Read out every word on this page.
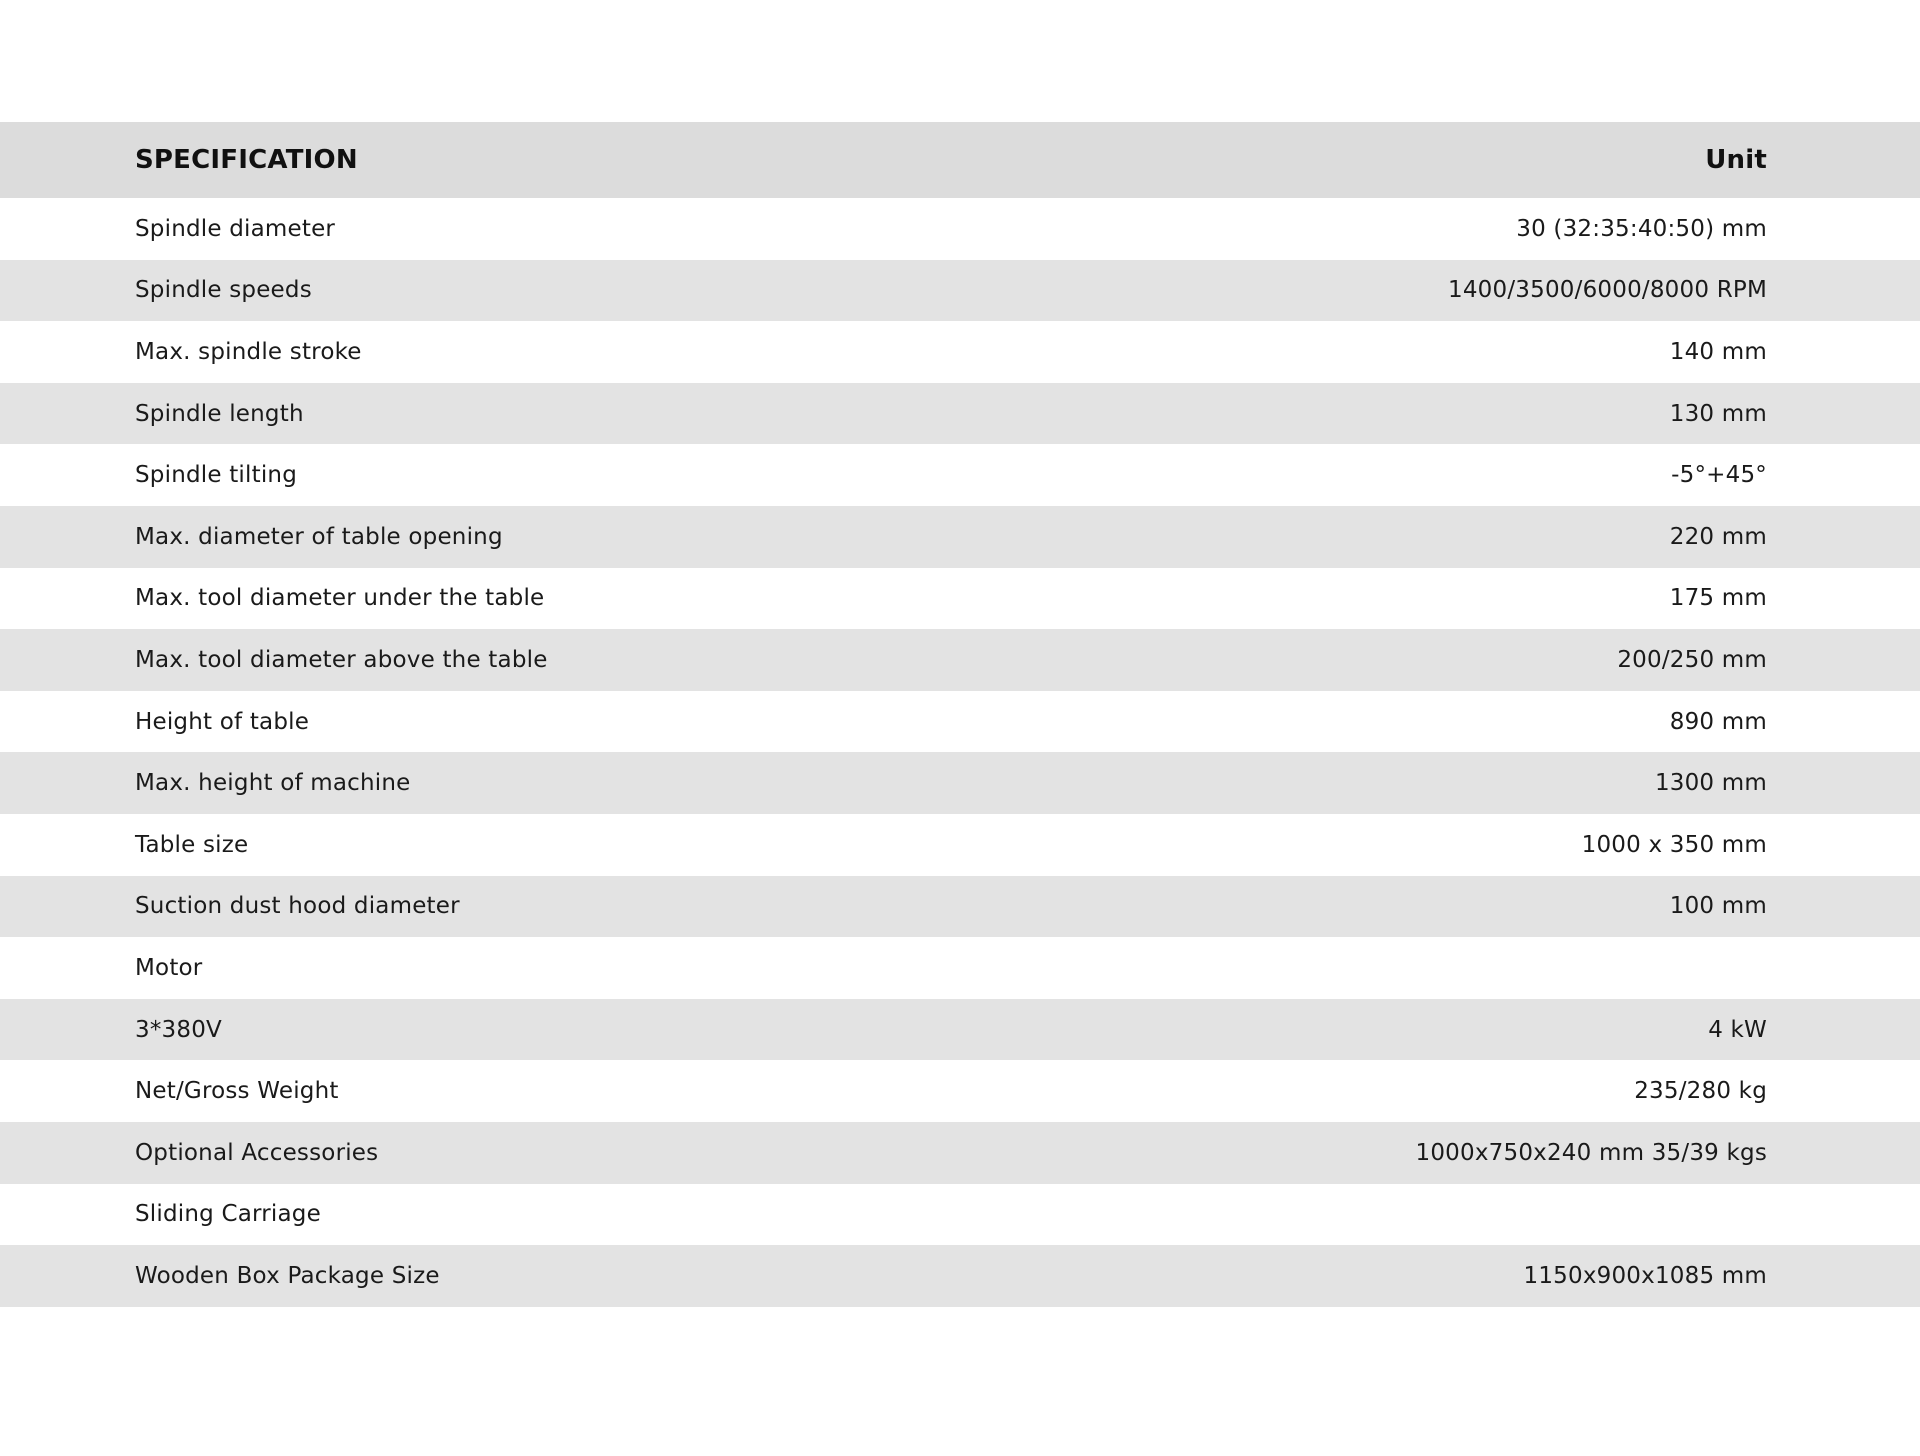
SPECIFICATION	Unit
Spindle diameter	30 (32:35:40:50) mm
Spindle speeds	1400/3500/6000/8000 RPM
Max. spindle stroke	140 mm
Spindle length	130 mm
Spindle tilting	-5°+45°
Max. diameter of table opening	220 mm
Max. tool diameter under the table	175 mm
Max. tool diameter above the table	200/250 mm
Height of table	890 mm
Max. height of machine	1300 mm
Table size	1000 x 350 mm
Suction dust hood diameter	100 mm
Motor
3*380V	4 kW
Net/Gross Weight	235/280 kg
Optional Accessories	1000x750x240 mm 35/39 kgs
Sliding Carriage
Wooden Box Package Size	1150x900x1085 mm
